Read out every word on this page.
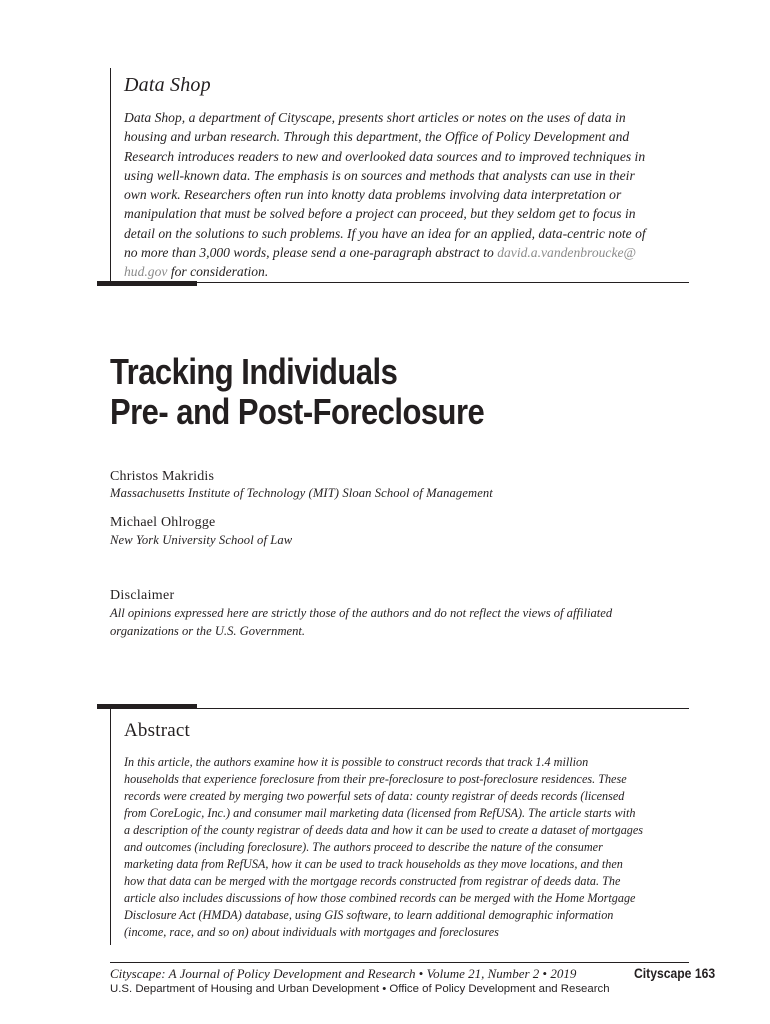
Data Shop
Data Shop, a department of Cityscape, presents short articles or notes on the uses of data in
housing and urban research. Through this department, the Office of Policy Development and
Research introduces readers to new and overlooked data sources and to improved techniques in
using well-known data. The emphasis is on sources and methods that analysts can use in their
own work. Researchers often run into knotty data problems involving data interpretation or
manipulation that must be solved before a project can proceed, but they seldom get to focus in
detail on the solutions to such problems. If you have an idea for an applied, data-centric note of
no more than 3,000 words, please send a one-paragraph abstract to david.a.vandenbroucke@
hud.gov for consideration.
Tracking Individuals
Pre- and Post-Foreclosure
Christos Makridis
Massachusetts Institute of Technology (MIT) Sloan School of Management
Michael Ohlrogge
New York University School of Law
Disclaimer
All opinions expressed here are strictly those of the authors and do not reflect the views of affiliated
organizations or the U.S. Government.
Abstract
In this article, the authors examine how it is possible to construct records that track 1.4 million
households that experience foreclosure from their pre-foreclosure to post-foreclosure residences. These
records were created by merging two powerful sets of data: county registrar of deeds records (licensed
from CoreLogic, Inc.) and consumer mail marketing data (licensed from RefUSA). The article starts with
a description of the county registrar of deeds data and how it can be used to create a dataset of mortgages
and outcomes (including foreclosure). The authors proceed to describe the nature of the consumer
marketing data from RefUSA, how it can be used to track households as they move locations, and then
how that data can be merged with the mortgage records constructed from registrar of deeds data. The
article also includes discussions of how those combined records can be merged with the Home Mortgage
Disclosure Act (HMDA) database, using GIS software, to learn additional demographic information
(income, race, and so on) about individuals with mortgages and foreclosures
Cityscape: A Journal of Policy Development and Research • Volume 21, Number 2 • 2019
U.S. Department of Housing and Urban Development • Office of Policy Development and Research
Cityscape 163
